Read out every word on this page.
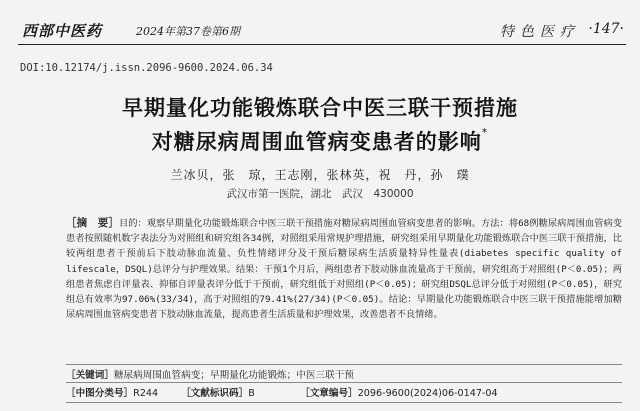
西部中医药	2024年第37卷第6期	特色医疗 ·147·
DOI:10.12174/j.issn.2096-9600.2024.06.34
早期量化功能锻炼联合中医三联干预措施
对糖尿病周围血管病变患者的影响*
兰冰贝，张　琼，王志刚，张林英，祝　丹，孙　璞
武汉市第一医院，湖北　武汉　430000
［摘　要］目的：观察早期量化功能锻炼联合中医三联干预措施对糖尿病周围血管病变患者的影响。方法：将68例糖尿病周围血管病变患者按照随机数字表法分为对照组和研究组各34例，对照组采用常规护理措施，研究组采用早期量化功能锻炼联合中医三联干预措施，比较两组患者干预前后下肢动脉血流量、负性情绪评分及干预后糖尿病生活质量特异性量表(diabetes specific quality of lifescale，DSQL)总评分与护理效果。结果：干预1个月后，两组患者下肢动脉血流量高于干预前，研究组高于对照组(P＜0.05)；两组患者焦虑自评量表、抑郁自评量表评分低于干预前，研究组低于对照组(P＜0.05)；研究组DSQL总评分低于对照组(P＜0.05)，研究组总有效率为97.06%(33/34)，高于对照组的79.41%(27/34)(P＜0.05)。结论：早期量化功能锻炼联合中医三联干预措施能增加糖尿病周围血管病变患者下肢动脉血流量，提高患者生活质量和护理效果，改善患者不良情绪。
［关键词］糖尿病周围血管病变；早期量化功能锻炼；中医三联干预
［中图分类号］R244 ［文献标识码］B	［文章编号］2096-9600(2024)06-0147-04
